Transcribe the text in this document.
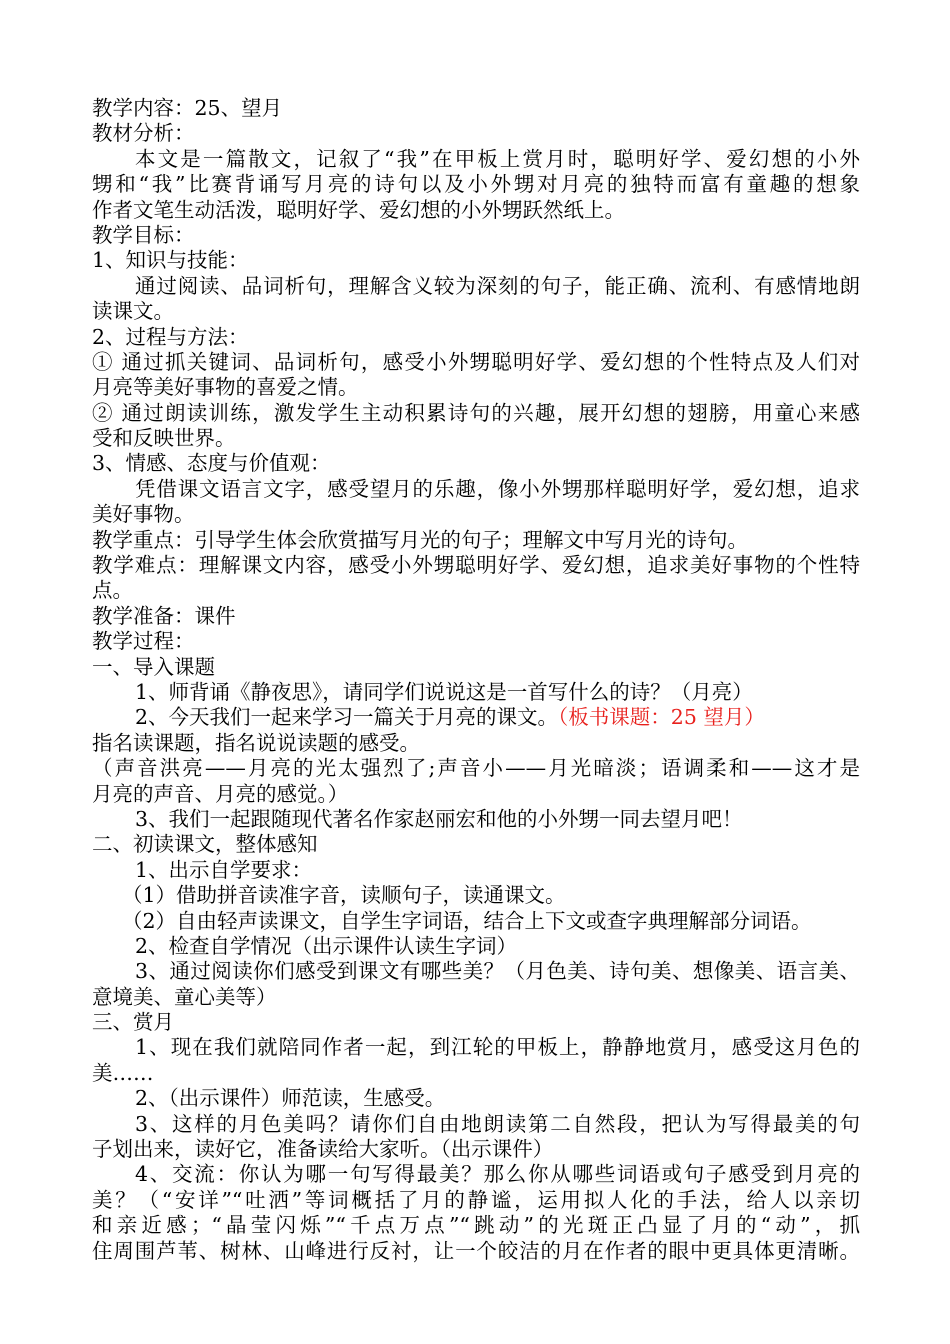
教学内容：25、望月
教材分析：
本文是一篇散文，记叙了“我”在甲板上赏月时，聪明好学、爱幻想的小外
甥和“我”比赛背诵写月亮的诗句以及小外甥对月亮的独特而富有童趣的想象
作者文笔生动活泼，聪明好学、爱幻想的小外甥跃然纸上。
教学目标：
1、知识与技能：
通过阅读、品词析句，理解含义较为深刻的句子，能正确、流利、有感情地朗
读课文。
2、过程与方法：
① 通过抓关键词、品词析句，感受小外甥聪明好学、爱幻想的个性特点及人们对
月亮等美好事物的喜爱之情。
② 通过朗读训练，激发学生主动积累诗句的兴趣，展开幻想的翅膀，用童心来感
受和反映世界。
3、情感、态度与价值观：
凭借课文语言文字，感受望月的乐趣，像小外甥那样聪明好学，爱幻想，追求
美好事物。
教学重点：引导学生体会欣赏描写月光的句子；理解文中写月光的诗句。
教学难点：理解课文内容，感受小外甥聪明好学、爱幻想，追求美好事物的个性特
点。
教学准备：课件
教学过程：
一、导入课题
1、师背诵《静夜思》，请同学们说说这是一首写什么的诗？（月亮）
2、今天我们一起来学习一篇关于月亮的课文。（板书课题：25 望月）
指名读课题，指名说说读题的感受。
（声音洪亮——月亮的光太强烈了;声音小——月光暗淡；语调柔和——这才是
月亮的声音、月亮的感觉。）
3、我们一起跟随现代著名作家赵丽宏和他的小外甥一同去望月吧！
二、初读课文，整体感知
1、出示自学要求：
（1）借助拼音读准字音，读顺句子，读通课文。
（2）自由轻声读课文，自学生字词语，结合上下文或查字典理解部分词语。
2、检查自学情况（出示课件认读生字词）
3、通过阅读你们感受到课文有哪些美？（月色美、诗句美、想像美、语言美、
意境美、童心美等）
三、赏月
1、现在我们就陪同作者一起，到江轮的甲板上，静静地赏月，感受这月色的
美……
2、（出示课件）师范读，生感受。
3、这样的月色美吗？请你们自由地朗读第二自然段，把认为写得最美的句
子划出来，读好它，准备读给大家听。（出示课件）
4、交流：你认为哪一句写得最美？那么你从哪些词语或句子感受到月亮的
美？（“安详”“吐洒”等词概括了月的静谧，运用拟人化的手法，给人以亲切
和亲近感；“晶莹闪烁”“千点万点”“跳动”的光斑正凸显了月的“动”，抓
住周围芦苇、树林、山峰进行反衬，让一个皎洁的月在作者的眼中更具体更清晰。
